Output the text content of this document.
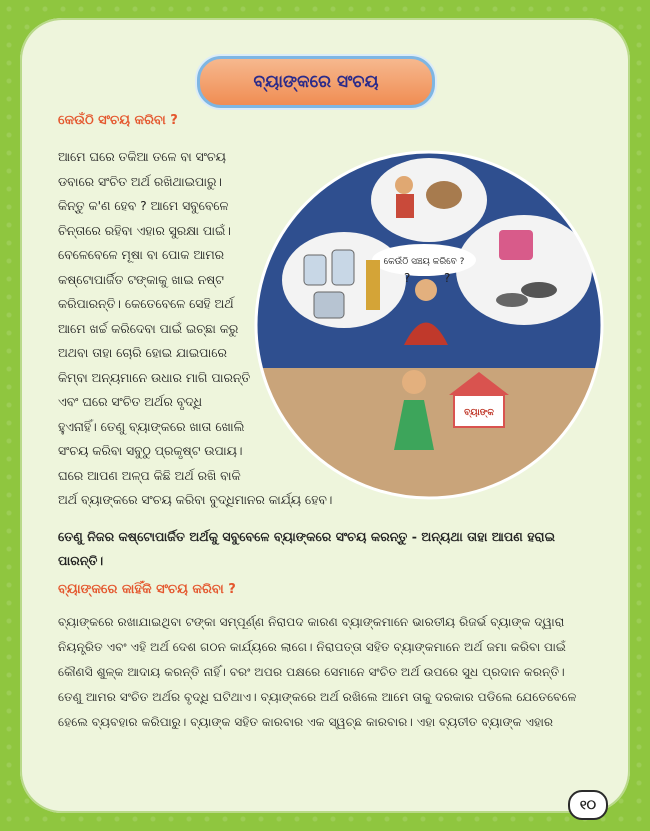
ବ୍ୟାଙ୍କରେ ସଂଚୟ
କେଉଁଠି ସଂଚୟ କରିବା ?
ଆମେ ଘରେ ତକିଆ ତଳେ ବା ସଂଚୟ
ଡବାରେ ସଂଚିତ ଅର୍ଥ ରଖିଥାଇପାରୁ।
କିନ୍ତୁ କ'ଣ ହେବ ? ଆମେ ସବୁବେଳେ
ଚିନ୍ତାରେ ରହିବା ଏହାର ସୁରକ୍ଷା ପାଇଁ।
ବେଳେବେଳେ ମୂଷା ବା ପୋକ ଆମର
କଷ୍ଟୋପାର୍ଜିତ ଟଙ୍କାକୁ ଖାଇ ନଷ୍ଟ
କରିପାରନ୍ତି। କେତେବେଳେ ସେହି ଅର୍ଥ
ଆମେ ଖର୍ଚ୍ଚ କରିଦେବା ପାଇଁ ଇଚ୍ଛା କରୁ
ଅଥବା ତାହା ଚୋରି ହୋଇ ଯାଇପାରେ
କିମ୍ବା ଅନ୍ୟମାନେ ଉଧାର ମାଗି ପାରନ୍ତି
ଏବଂ ଘରେ ସଂଚିତ ଅର୍ଥର ବୃଦ୍ଧି
ହୁଏନାହିଁ। ତେଣୁ ବ୍ୟାଙ୍କରେ ଖାତା ଖୋଲି
ସଂଚୟ କରିବା ସବୁଠୁ ପ୍ରକୃଷ୍ଟ ଉପାୟ।
ଘରେ ଆପଣ ଅଳ୍ପ କିଛି ଅର୍ଥ ରଖି ବାକି
ଅର୍ଥ ବ୍ୟାଙ୍କରେ ସଂଚୟ କରିବା ବୁଦ୍ଧିମାନର କାର୍ଯ୍ୟ ହେବ।
କେଉଁଠି ସଞ୍ଚୟ କରିବେ ?
?	?
ବ୍ୟାଙ୍କ
ତେଣୁ ନିଜର କଷ୍ଟୋପାର୍ଜିତ ଅର୍ଥକୁ ସବୁବେଳେ ବ୍ୟାଙ୍କରେ ସଂଚୟ କରନ୍ତୁ - ଅନ୍ୟଥା ତାହା ଆପଣ ହରାଇ ପାରନ୍ତି।
ବ୍ୟାଙ୍କରେ କାହିଁକି ସଂଚୟ କରିବା ?
ବ୍ୟାଙ୍କରେ ରଖାଯାଇଥିବା ଟଙ୍କା ସମ୍ପୂର୍ଣ୍ଣ ନିରାପଦ କାରଣ ବ୍ୟାଙ୍କମାନେ ଭାରତୀୟ ରିଜର୍ଭ ବ୍ୟାଙ୍କ ଦ୍ୱାରା ନିୟନ୍ତ୍ରିତ ଏବଂ ଏହି ଅର୍ଥ ଦେଶ ଗଠନ କାର୍ଯ୍ୟରେ ଲାଗେ। ନିରାପତ୍ତା ସହିତ ବ୍ୟାଙ୍କମାନେ ଅର୍ଥ ଜମା କରିବା ପାଇଁ କୌଣସି ଶୁଳ୍କ ଆଦାୟ କରନ୍ତି ନାହିଁ। ବରଂ ଅପର ପକ୍ଷରେ ସେମାନେ ସଂଚିତ ଅର୍ଥ ଉପରେ ସୁଧ ପ୍ରଦାନ କରନ୍ତି। ତେଣୁ ଆମର ସଂଚିତ ଅର୍ଥର ବୃଦ୍ଧି ଘଟିଥାଏ। ବ୍ୟାଙ୍କରେ ଅର୍ଥ ରଖିଲେ ଆମେ ତାକୁ ଦରକାର ପଡିଲେ ଯେତେବେଳେ ହେଲେ ବ୍ୟବହାର କରିପାରୁ। ବ୍ୟାଙ୍କ ସହିତ କାରବାର ଏକ ସ୍ୱଚ୍ଛ କାରବାର। ଏହା ବ୍ୟତୀତ ବ୍ୟାଙ୍କ ଏହାର
୧୦
